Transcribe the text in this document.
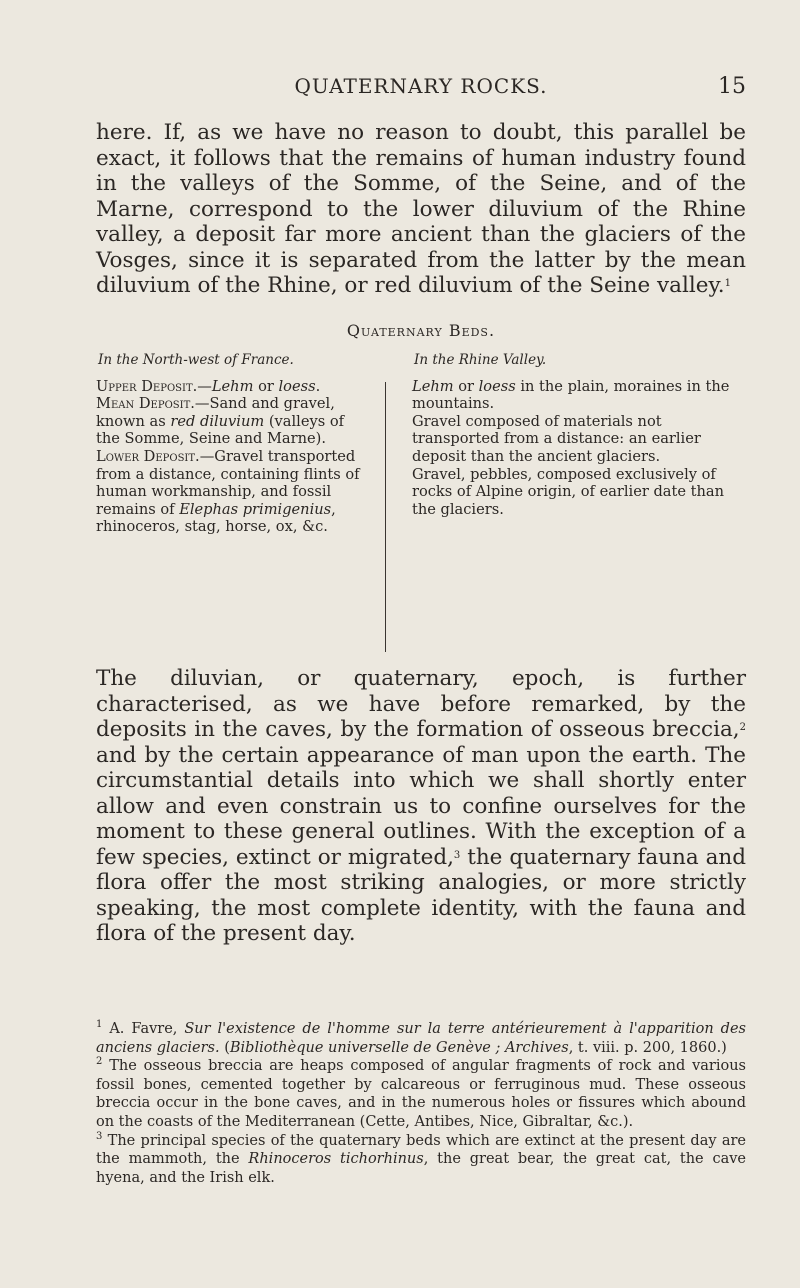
QUATERNARY ROCKS.	15

here. If, as we have no reason to doubt, this parallel be exact, it follows that the remains of human industry found in the valleys of the Somme, of the Seine, and of the Marne, correspond to the lower diluvium of the Rhine valley, a deposit far more ancient than the glaciers of the Vosges, since it is separated from the latter by the mean diluvium of the Rhine, or red diluvium of the Seine valley.$^1$

Quaternary Beds.

In the North-west of France.

Upper Deposit.—Lehm or loess.

Mean Deposit.—Sand and gravel, known as red diluvium (valleys of the Somme, Seine and Marne).

Lower Deposit.—Gravel transported from a distance, containing flints of human workmanship, and fossil remains of Elephas primigenius, rhinoceros, stag, horse, ox, &c.

In the Rhine Valley.

Lehm or loess in the plain, moraines in the mountains.

Gravel composed of materials not transported from a distance: an earlier deposit than the ancient glaciers.

Gravel, pebbles, composed exclusively of rocks of Alpine origin, of earlier date than the glaciers.

The diluvian, or quaternary, epoch, is further characterised, as we have before remarked, by the deposits in the caves, by the formation of osseous breccia,$^2$ and by the certain appearance of man upon the earth. The circumstantial details into which we shall shortly enter allow and even constrain us to confine ourselves for the moment to these general outlines. With the exception of a few species, extinct or migrated,$^3$ the quaternary fauna and flora offer the most striking analogies, or more strictly speaking, the most complete identity, with the fauna and flora of the present day.

$^1$ A. Favre, Sur l'existence de l'homme sur la terre antérieurement à l'apparition des anciens glaciers. (Bibliothèque universelle de Genève ; Archives, t. viii. p. 200, 1860.)

$^2$ The osseous breccia are heaps composed of angular fragments of rock and various fossil bones, cemented together by calcareous or ferruginous mud. These osseous breccia occur in the bone caves, and in the numerous holes or fissures which abound on the coasts of the Mediterranean (Cette, Antibes, Nice, Gibraltar, &c.).

$^3$ The principal species of the quaternary beds which are extinct at the present day are the mammoth, the Rhinoceros tichorhinus, the great bear, the great cat, the cave hyena, and the Irish elk.
